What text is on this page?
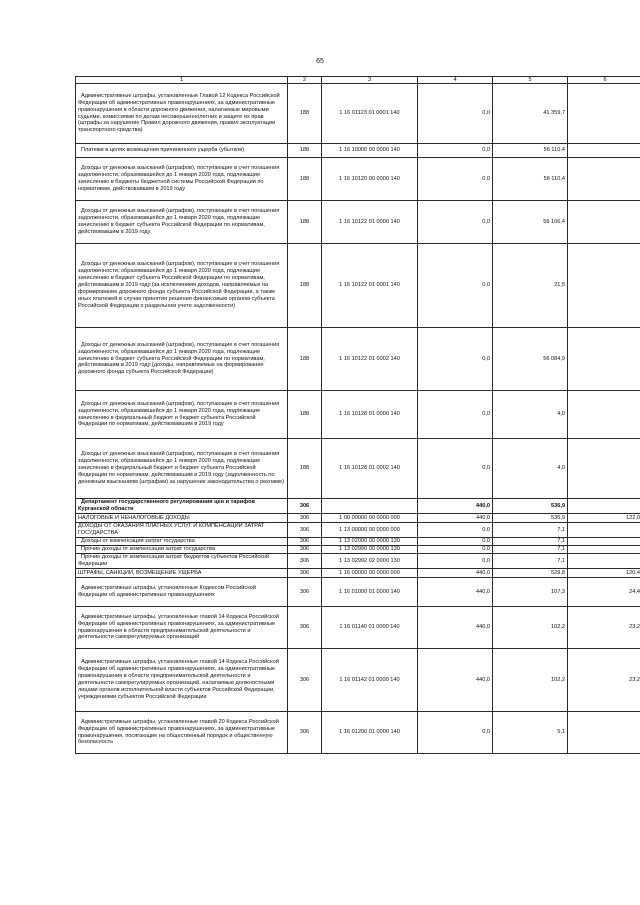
65
1	2	3	4	5	6
Административные штрафы, установленные Главой 12 Кодекса Российской Федерации об административных правонарушениях, за административные правонарушения в области дорожного движения, налагаемые мировыми судьями, комиссиями по делам несовершеннолетних и защите их прав (штрафы за нарушение Правил дорожного движения, правил эксплуатации транспортного средства)	188	1 16 01123 01 0001 140	0,0	41 359,7	
Платежи в целях возмещения причиненного ущерба (убытков)	188	1 16 10000 00 0000 140	0,0	56 110,4	
Доходы от денежных взысканий (штрафов), поступающие в счет погашения задолженности, образовавшейся до 1 января 2020 года, подлежащие зачислению в бюджеты бюджетной системы Российской Федерации по нормативам, действовавшим в 2019 году	188	1 16 10120 00 0000 140	0,0	56 110,4	
Доходы от денежных взысканий (штрафов), поступающие в счет погашения задолженности, образовавшейся до 1 января 2020 года, подлежащие зачислению в бюджет субъекта Российской Федерации по нормативам, действовавшим в 2019 году	188	1 16 10122 01 0000 140	0,0	56 106,4	
Доходы от денежных взысканий (штрафов), поступающие в счет погашения задолженности, образовавшейся до 1 января 2020 года, подлежащие зачислению в бюджет субъекта Российской Федерации по нормативам, действовавшим в 2019 году (за исключением доходов, направляемых на формирование дорожного фонда субъекта Российской Федерации, а также иных платежей в случае принятия решения финансовым органом субъекта Российской Федерации о раздельном учете задолженности)	188	1 16 10122 01 0001 140	0,0	21,5	
Доходы от денежных взысканий (штрафов), поступающие в счет погашения задолженности, образовавшейся до 1 января 2020 года, подлежащие зачислению в бюджет субъекта Российской Федерации по нормативам, действовавшим в 2019 году (доходы, направляемые на формирование дорожного фонда субъекта Российской Федерации)	188	1 16 10122 01 0002 140	0,0	56 084,9	
Доходы от денежных взысканий (штрафов), поступающие в счет погашения задолженности, образовавшейся до 1 января 2020 года, подлежащие зачислению в федеральный бюджет и бюджет субъекта Российской Федерации по нормативам, действовавшим в 2019 году	188	1 16 10128 01 0000 140	0,0	4,0	
Доходы от денежных взысканий (штрафов), поступающие в счет погашения задолженности, образовавшейся до 1 января 2020 года, подлежащие зачислению в федеральный бюджет и бюджет субъекта Российской Федерации по нормативам, действовавшим в 2019 году (задолженность по денежным взысканиям (штрафам) за нарушение законодательства о рекламе)	188	1 16 10128 01 0002 140	0,0	4,0	
Департамент государственного регулирования цен и тарифов Курганской области	306		440,0	536,9	
НАЛОГОВЫЕ И НЕНАЛОГОВЫЕ ДОХОДЫ	306	1 00 00000 00 0000 000	440,0	536,9	122,0
ДОХОДЫ ОТ ОКАЗАНИЯ ПЛАТНЫХ УСЛУГ И КОМПЕНСАЦИИ ЗАТРАТ ГОСУДАРСТВА	306	1 13 00000 00 0000 000	0,0	7,1	
Доходы от компенсации затрат государства	306	1 13 02000 00 0000 130	0,0	7,1	
Прочие доходы от компенсации затрат государства	306	1 13 02990 00 0000 130	0,0	7,1	
Прочие доходы от компенсации затрат бюджетов субъектов Российской Федерации	306	1 13 02992 02 0000 130	0,0	7,1	
ШТРАФЫ, САНКЦИИ, ВОЗМЕЩЕНИЕ УЩЕРБА	306	1 16 00000 00 0000 000	440,0	529,8	120,4
Административные штрафы, установленные Кодексом Российской Федерации об административных правонарушениях	306	1 16 01000 01 0000 140	440,0	107,3	24,4
Административные штрафы, установленные главой 14 Кодекса Российской Федерации об административных правонарушениях, за административные правонарушения в области предпринимательской деятельности и деятельности саморегулируемых организаций	306	1 16 01140 01 0000 140	440,0	102,2	23,2
Административные штрафы, установленные главой 14 Кодекса Российской Федерации об административных правонарушениях, за административные правонарушения в области предпринимательской деятельности и деятельности саморегулируемых организаций, налагаемые должностными лицами органов исполнительной власти субъектов Российской Федерации, учреждениями субъектов Российской Федерации	306	1 16 01142 01 0000 140	440,0	102,2	23,2
Административные штрафы, установленные главой 20 Кодекса Российской Федерации об административных правонарушениях, за административные правонарушения, посягающие на общественный порядок и общественную безопасность	306	1 16 01200 01 0000 140	0,0	5,1	
